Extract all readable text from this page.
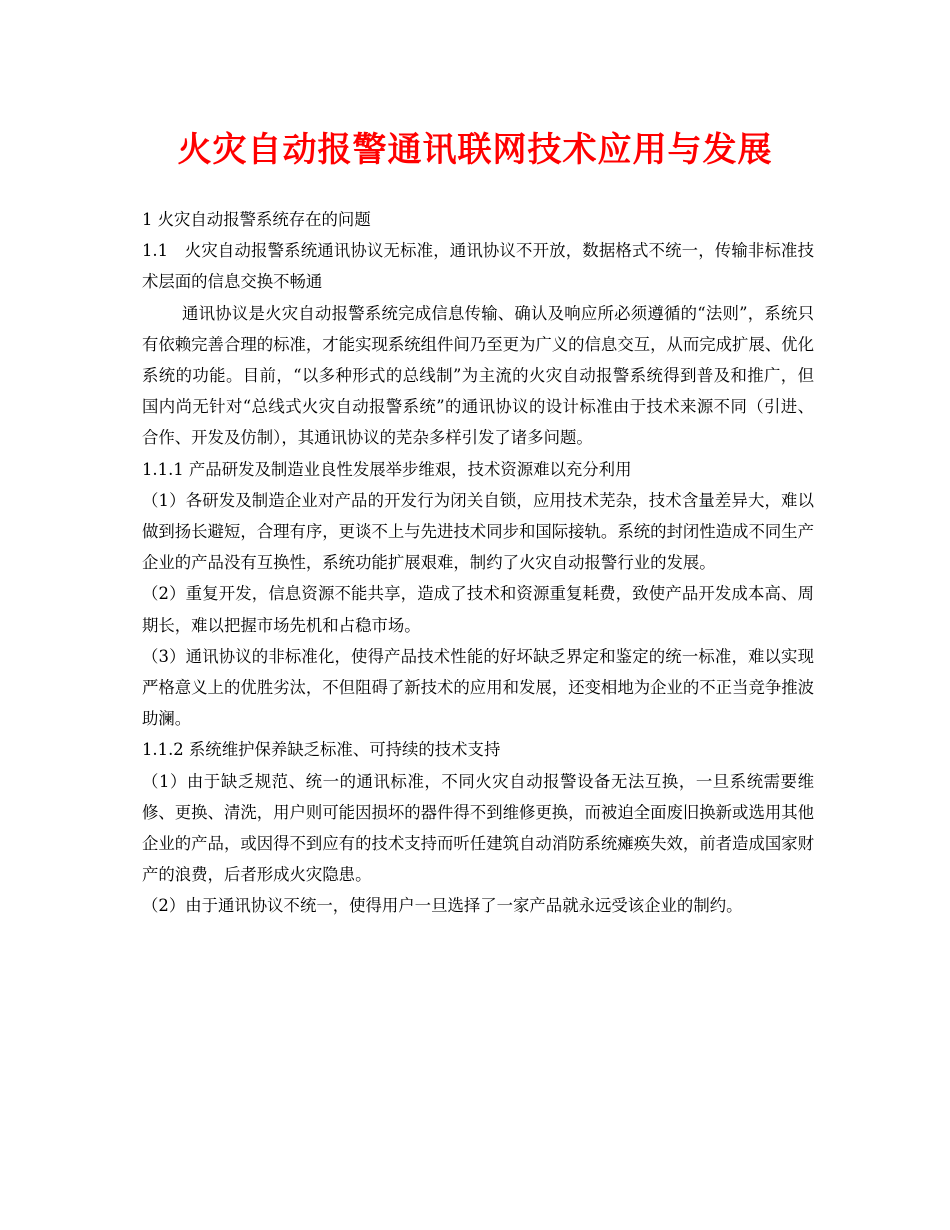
火灾自动报警通讯联网技术应用与发展

1 火灾自动报警系统存在的问题

1.1　火灾自动报警系统通讯协议无标准，通讯协议不开放，数据格式不统一，传输非标准技术层面的信息交换不畅通

通讯协议是火灾自动报警系统完成信息传输、确认及响应所必须遵循的“法则”，系统只有依赖完善合理的标准，才能实现系统组件间乃至更为广义的信息交互，从而完成扩展、优化系统的功能。目前，“以多种形式的总线制”为主流的火灾自动报警系统得到普及和推广，但国内尚无针对“总线式火灾自动报警系统”的通讯协议的设计标准由于技术来源不同（引进、合作、开发及仿制），其通讯协议的芜杂多样引发了诸多问题。

1.1.1 产品研发及制造业良性发展举步维艰，技术资源难以充分利用

（1）各研发及制造企业对产品的开发行为闭关自锁，应用技术芜杂，技术含量差异大，难以做到扬长避短，合理有序，更谈不上与先进技术同步和国际接轨。系统的封闭性造成不同生产企业的产品没有互换性，系统功能扩展艰难，制约了火灾自动报警行业的发展。

（2）重复开发，信息资源不能共享，造成了技术和资源重复耗费，致使产品开发成本高、周期长，难以把握市场先机和占稳市场。

（3）通讯协议的非标准化，使得产品技术性能的好坏缺乏界定和鉴定的统一标准，难以实现严格意义上的优胜劣汰，不但阻碍了新技术的应用和发展，还变相地为企业的不正当竞争推波助澜。

1.1.2 系统维护保养缺乏标准、可持续的技术支持

（1）由于缺乏规范、统一的通讯标准，不同火灾自动报警设备无法互换，一旦系统需要维修、更换、清洗，用户则可能因损坏的器件得不到维修更换，而被迫全面废旧换新或选用其他企业的产品，或因得不到应有的技术支持而听任建筑自动消防系统瘫痪失效，前者造成国家财产的浪费，后者形成火灾隐患。

（2）由于通讯协议不统一，使得用户一旦选择了一家产品就永远受该企业的制约。
